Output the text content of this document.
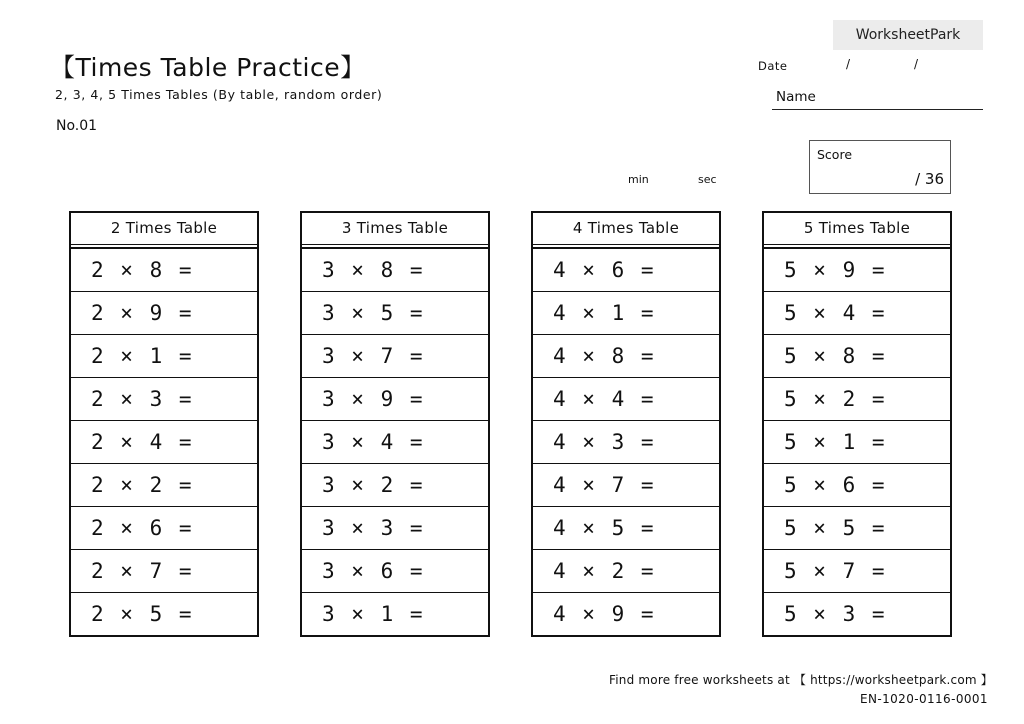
WorksheetPark
【Times Table Practice】
2, 3, 4, 5 Times Tables (By table, random order)
No.01
Date	/	/
Name
min	sec
Score
/ 36
2 Times Table
2 × 8 =
2 × 9 =
2 × 1 =
2 × 3 =
2 × 4 =
2 × 2 =
2 × 6 =
2 × 7 =
2 × 5 =
3 Times Table
3 × 8 =
3 × 5 =
3 × 7 =
3 × 9 =
3 × 4 =
3 × 2 =
3 × 3 =
3 × 6 =
3 × 1 =
4 Times Table
4 × 6 =
4 × 1 =
4 × 8 =
4 × 4 =
4 × 3 =
4 × 7 =
4 × 5 =
4 × 2 =
4 × 9 =
5 Times Table
5 × 9 =
5 × 4 =
5 × 8 =
5 × 2 =
5 × 1 =
5 × 6 =
5 × 5 =
5 × 7 =
5 × 3 =
Find more free worksheets at 【 https://worksheetpark.com 】
EN-1020-0116-0001
